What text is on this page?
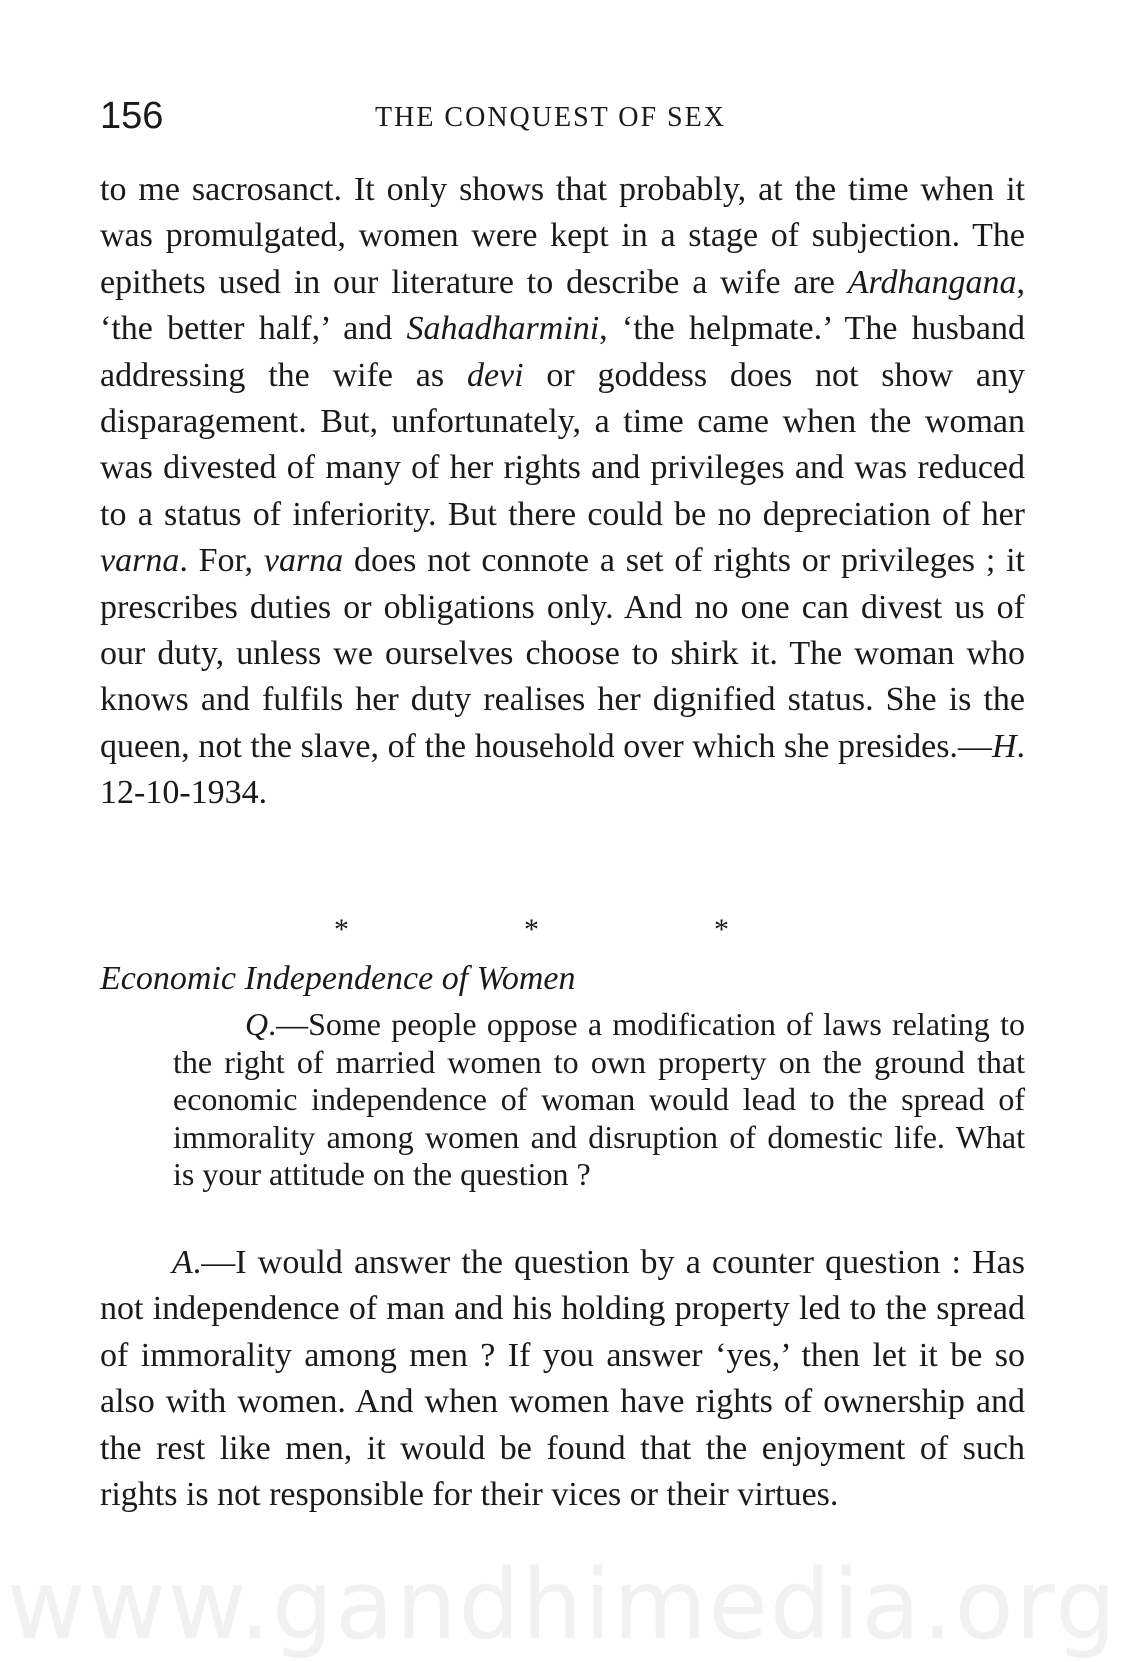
156	THE CONQUEST OF SEX
to me sacrosanct. It only shows that probably, at the time when it was promulgated, women were kept in a stage of subjection. The epithets used in our literature to describe a wife are Ardhangana, ‘the better half,’ and Sahadharmini, ‘the helpmate.’ The husband addressing the wife as devi or goddess does not show any disparagement. But, unfortunately, a time came when the woman was divested of many of her rights and privileges and was reduced to a status of inferiority. But there could be no depreciation of her varna. For, varna does not connote a set of rights or privileges ; it prescribes duties or obligations only. And no one can divest us of our duty, unless we ourselves choose to shirk it. The woman who knows and fulfils her duty realises her dignified status. She is the queen, not the slave, of the household over which she presides.—H. 12-10-1934.
*	*	*
Economic Independence of Women
Q.—Some people oppose a modification of laws relating to the right of married women to own property on the ground that economic independence of woman would lead to the spread of immorality among women and disruption of domestic life. What is your attitude on the question ?
A.—I would answer the question by a counter question : Has not independence of man and his holding property led to the spread of immorality among men ? If you answer ‘yes,’ then let it be so also with women. And when women have rights of ownership and the rest like men, it would be found that the enjoyment of such rights is not responsible for their vices or their virtues.
www.gandhimedia.org
